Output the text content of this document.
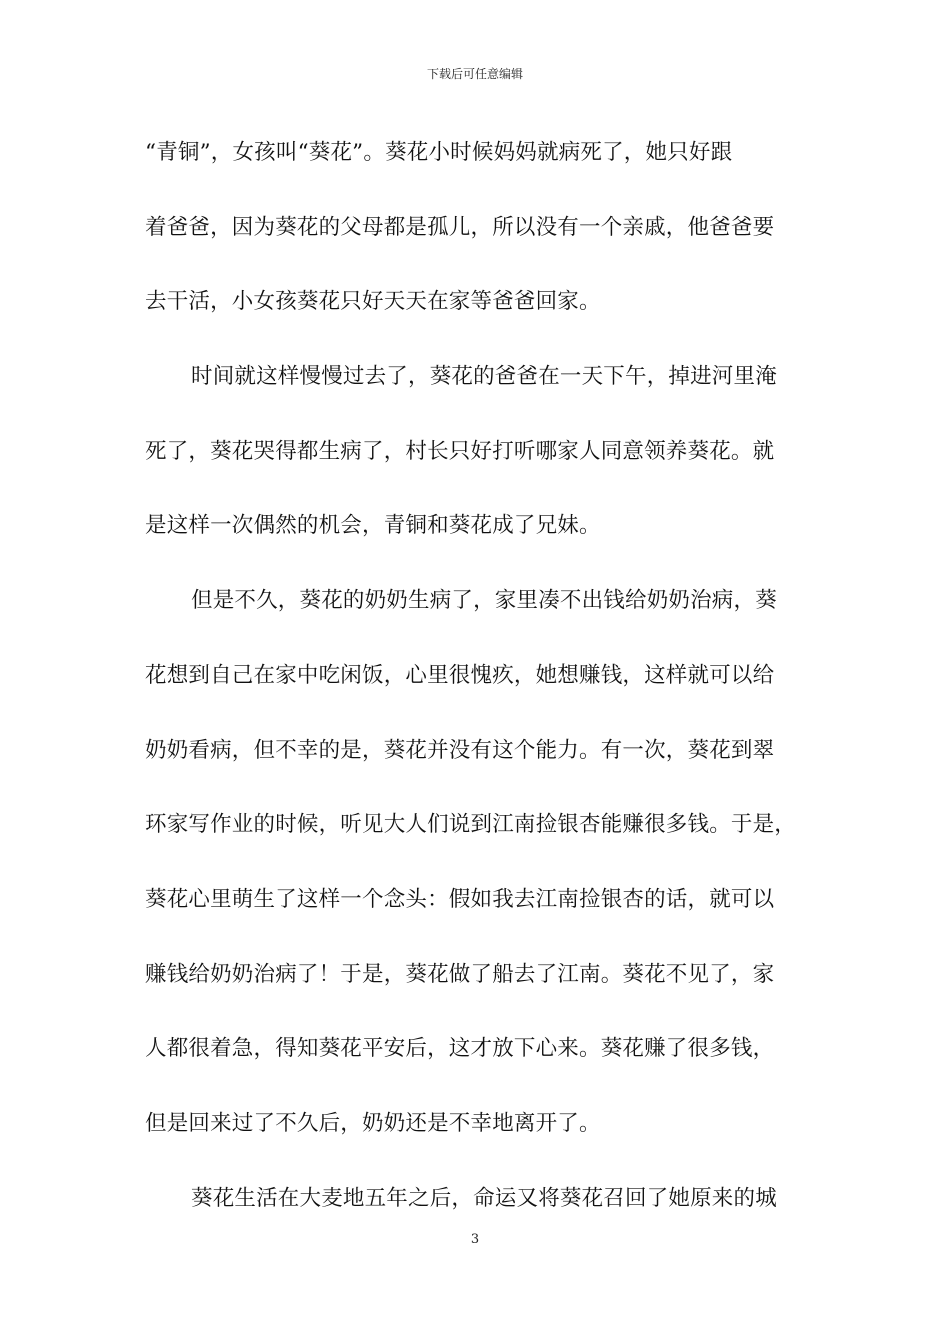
下载后可任意编辑
“青铜”，女孩叫“葵花”。葵花小时候妈妈就病死了，她只好跟
着爸爸，因为葵花的父母都是孤儿，所以没有一个亲戚，他爸爸要
去干活，小女孩葵花只好天天在家等爸爸回家。
时间就这样慢慢过去了，葵花的爸爸在一天下午，掉进河里淹
死了，葵花哭得都生病了，村长只好打听哪家人同意领养葵花。就
是这样一次偶然的机会，青铜和葵花成了兄妹。
但是不久，葵花的奶奶生病了，家里凑不出钱给奶奶治病，葵
花想到自己在家中吃闲饭，心里很愧疚，她想赚钱，这样就可以给
奶奶看病，但不幸的是，葵花并没有这个能力。有一次，葵花到翠
环家写作业的时候，听见大人们说到江南捡银杏能赚很多钱。于是，
葵花心里萌生了这样一个念头：假如我去江南捡银杏的话，就可以
赚钱给奶奶治病了！于是，葵花做了船去了江南。葵花不见了，家
人都很着急，得知葵花平安后，这才放下心来。葵花赚了很多钱，
但是回来过了不久后，奶奶还是不幸地离开了。
葵花生活在大麦地五年之后，命运又将葵花召回了她原来的城
3
